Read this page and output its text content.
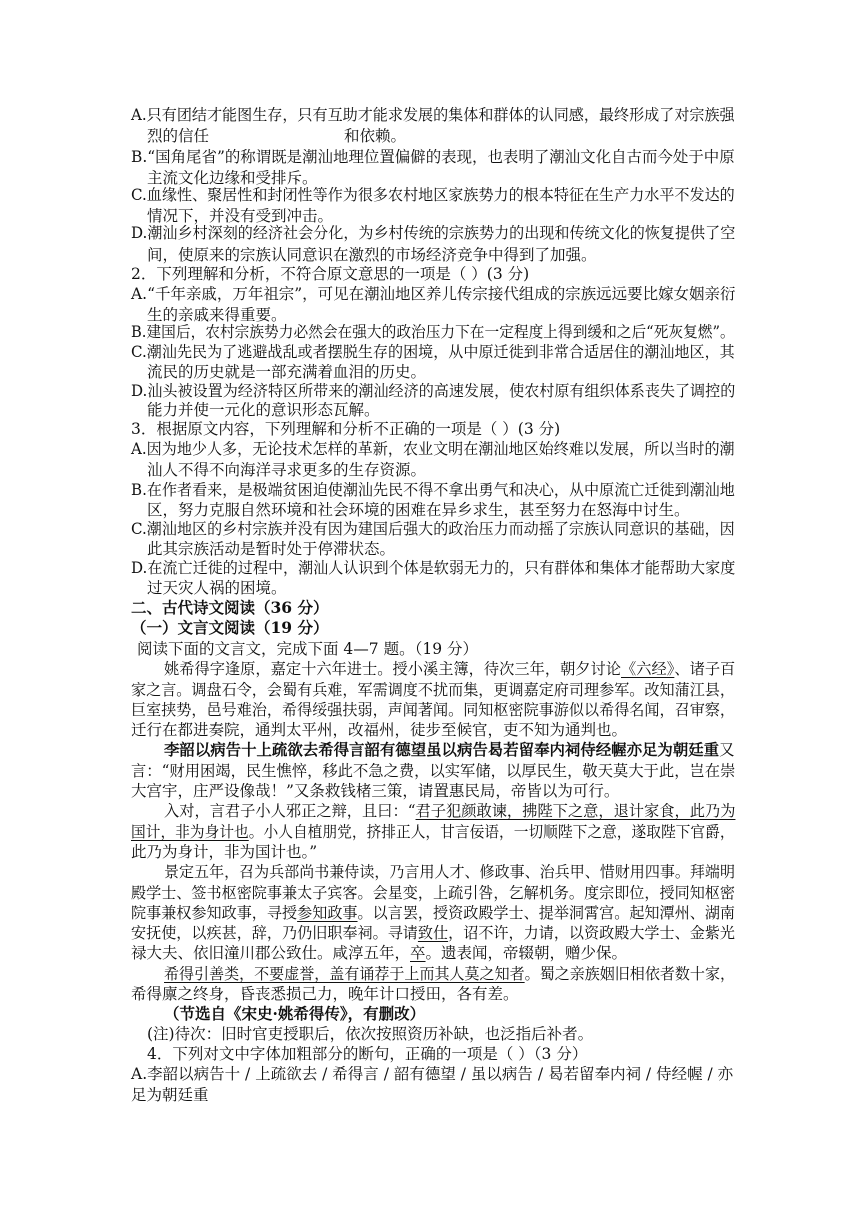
A.只有团结才能图生存，只有互助才能求发展的集体和群体的认同感，最终形成了对宗族强
烈的信任	和依赖。
B.“国角尾省”的称谓既是潮汕地理位置偏僻的表现，也表明了潮汕文化自古而今处于中原
主流文化边缘和受排斥。
C.血缘性、聚居性和封闭性等作为很多农村地区家族势力的根本特征在生产力水平不发达的
情况下，并没有受到冲击。
D.潮汕乡村深刻的经济社会分化，为乡村传统的宗族势力的出现和传统文化的恢复提供了空
间，使原来的宗族认同意识在激烈的市场经济竞争中得到了加强。
2．下列理解和分析，不符合原文意思的一项是（ ）(3 分)
A.“千年亲戚，万年祖宗”，可见在潮汕地区养儿传宗接代组成的宗族远远要比嫁女姻亲衍
生的亲戚来得重要。
B.建国后，农村宗族势力必然会在强大的政治压力下在一定程度上得到缓和之后“死灰复燃”。
C.潮汕先民为了逃避战乱或者摆脱生存的困境，从中原迁徙到非常合适居住的潮汕地区，其
流民的历史就是一部充满着血泪的历史。
D.汕头被设置为经济特区所带来的潮汕经济的高速发展，使农村原有组织体系丧失了调控的
能力并使一元化的意识形态瓦解。
3．根据原文内容，下列理解和分析不正确的一项是（ ）(3 分)
A.因为地少人多，无论技术怎样的革新，农业文明在潮汕地区始终难以发展，所以当时的潮
汕人不得不向海洋寻求更多的生存资源。
B.在作者看来，是极端贫困迫使潮汕先民不得不拿出勇气和决心，从中原流亡迁徙到潮汕地
区，努力克服自然环境和社会环境的困难在异乡求生，甚至努力在怒海中讨生。
C.潮汕地区的乡村宗族并没有因为建国后强大的政治压力而动摇了宗族认同意识的基础，因
此其宗族活动是暂时处于停滞状态。
D.在流亡迁徙的过程中，潮汕人认识到个体是软弱无力的，只有群体和集体才能帮助大家度
过天灾人祸的困境。
二、古代诗文阅读（36 分）
（一）文言文阅读（19 分）
阅读下面的文言文，完成下面 4—7 题。（19 分）
姚希得字逢原，嘉定十六年进士。授小溪主簿，待次三年，朝夕讨论《六经》、诸子百
家之言。调盘石令，会蜀有兵难，军需调度不扰而集，更调嘉定府司理参军。改知蒲江县，
巨室挟势，邑号难治，希得绥强扶弱，声闻著闻。同知枢密院事游似以希得名闻，召审察，
迁行在都进奏院，通判太平州，改福州，徒步至候官，吏不知为通判也。
李韶以病告十上疏欲去希得言韶有德望虽以病告曷若留奉内祠侍经幄亦足为朝廷重又
言：“财用困竭，民生憔悴，移此不急之费，以实军储，以厚民生，敬天莫大于此，岂在崇
大宫宇，庄严设像哉！”又条救钱楮三策，请置惠民局，帝皆以为可行。
入对，言君子小人邪正之辩，且曰：“君子犯颜敢谏，拂陛下之意，退计家食，此乃为
国计，非为身计也。小人自植朋党，挤排正人，甘言佞语，一切顺陛下之意，遂取陛下官爵，
此乃为身计，非为国计也。”
景定五年，召为兵部尚书兼侍读，乃言用人才、修政事、治兵甲、惜财用四事。拜端明
殿学士、签书枢密院事兼太子宾客。会星变，上疏引咎，乞解机务。度宗即位，授同知枢密
院事兼权参知政事，寻授参知政事。以言罢，授资政殿学士、提举洞霄宫。起知潭州、湖南
安抚使，以疾甚，辞，乃仍旧职奉祠。寻请致仕，诏不许，力请，以资政殿大学士、金紫光
禄大夫、依旧潼川郡公致仕。咸淳五年，卒。遗表闻，帝辍朝，赠少保。
希得引善类，不要虚誉，盖有诵荐于上而其人莫之知者。蜀之亲族姻旧相依者数十家，
希得廪之终身，昏丧悉损己力，晚年计口授田，各有差。
（节选自《宋史·姚希得传》，有删改）
(注)待次：旧时官吏授职后，依次按照资历补缺，也泛指后补者。
4．下列对文中字体加粗部分的断句，正确的一项是（ ）（3 分）
A.李韶以病告十 / 上疏欲去 / 希得言 / 韶有德望 / 虽以病告 / 曷若留奉内祠 / 侍经幄 / 亦
足为朝廷重
